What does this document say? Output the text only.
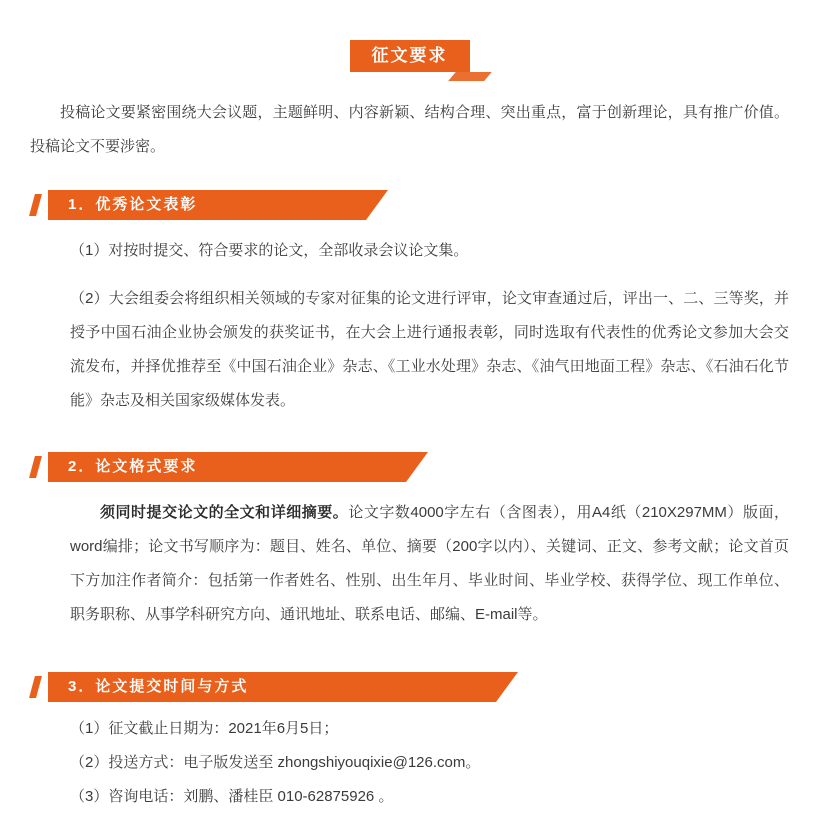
征文要求

投稿论文要紧密围绕大会议题，主题鲜明、内容新颖、结构合理、突出重点，富于创新理论，具有推广价值。投稿论文不要涉密。

1．优秀论文表彰

（1）对按时提交、符合要求的论文，全部收录会议论文集。

（2）大会组委会将组织相关领域的专家对征集的论文进行评审，论文审查通过后，评出一、二、三等奖，并授予中国石油企业协会颁发的获奖证书，在大会上进行通报表彰，同时选取有代表性的优秀论文参加大会交流发布，并择优推荐至《中国石油企业》杂志、《工业水处理》杂志、《油气田地面工程》杂志、《石油石化节能》杂志及相关国家级媒体发表。

2．论文格式要求

须同时提交论文的全文和详细摘要。论文字数4000字左右（含图表），用A4纸（210X297MM）版面，word编排；论文书写顺序为：题目、姓名、单位、摘要（200字以内）、关键词、正文、参考文献；论文首页下方加注作者简介：包括第一作者姓名、性别、出生年月、毕业时间、毕业学校、获得学位、现工作单位、职务职称、从事学科研究方向、通讯地址、联系电话、邮编、E-mail等。

3．论文提交时间与方式

（1）征文截止日期为：2021年6月5日；

（2）投送方式：电子版发送至 zhongshiyouqixie@126.com。

（3）咨询电话：刘鹏、潘桂臣 010-62875926 。
